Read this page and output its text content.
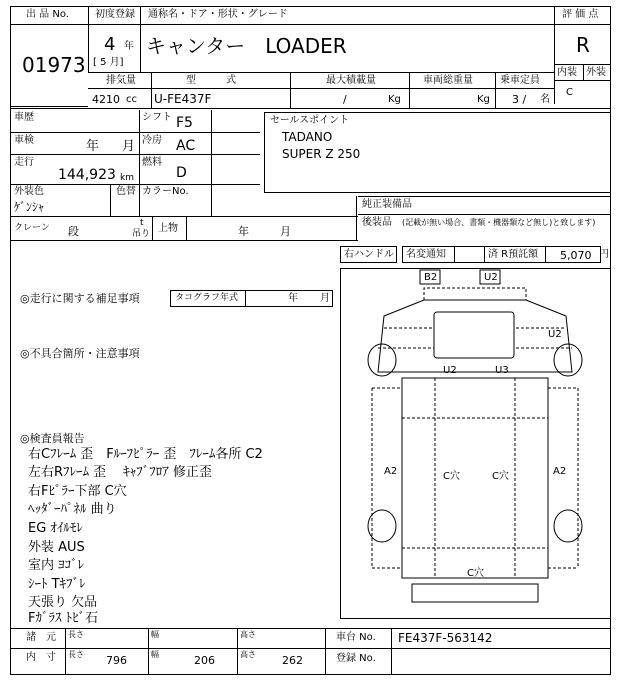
出 品 No.
01973
初度登録 通称名・ドア・形状・グレード
4 年
[ 5 月]
キャンター　LOADER
評 価 点
R
内装 外装
C
排気量	型　　　式	最大積載量	車両総重量	乗車定員
4210 cc U-FE437F	/	Kg	Kg 3 / 名
車歴	シフト F5
車検	年 月 冷房 AC
走行
144,923 km
燃料
D
外装色
ｹﾞﾝｼｬ
色替 カラーNo.
クレーン 段
t
吊り 上物	年	月
セールスポイント
TADANO
SUPER Z 250
純正装備品
後装品 (記載が無い場合、書類・機器類など無し)と致します)
右ハンドル 名変通知	済 R預託額 5,070 円
◎走行に関する補足事項	タコグラフ年式	年 月
◎不具合箇所・注意事項
◎検査員報告
右Cﾌﾚｰﾑ 歪　Fﾙｰﾌﾋﾟﾗｰ 歪　ﾌﾚｰﾑ各所 C2
左右Rﾌﾚｰﾑ 歪　 ｷｬﾌﾞﾌﾛｱ 修正歪
右Fﾋﾟﾗｰ下部 C穴
ﾍｯﾀﾞｰﾊﾟﾈﾙ 曲り
EG ｵｲﾙﾓﾚ
外装 AUS
室内 ﾖｺﾞﾚ
ｼｰﾄ Tｷﾌﾞﾚ
天張り 欠品
Fｶﾞﾗｽ ﾄﾋﾞ石
B2	U2
U2
U2	U3
A2	C穴	C穴	A2
C穴
諸　元
内　寸 長さ	幅	高さ
長さ	幅	高さ
796	206	262
車台 No. FE437F-563142
登録 No.
